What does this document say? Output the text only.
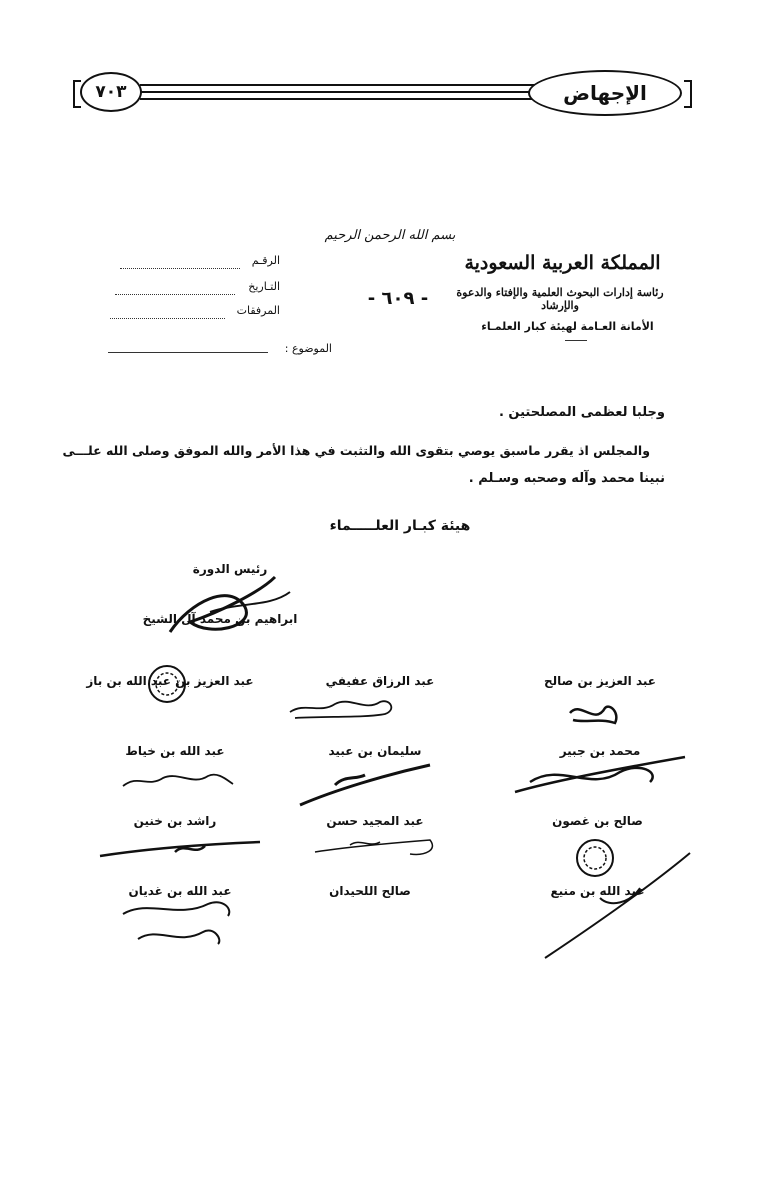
٧٠٣	الإجهاض
بسم الله الرحمن الرحيم
المملكة العربية السعودية
رئاسة إدارات البحوث العلمية والإفتاء والدعوة والإرشاد
الأمانة العـامة لهيئة كبار العلمـاء
- ٦٠٩ -
الرقـم
التـاريخ
المرفقات
الموضوع :
وجلبا لعظمى المصلحتين .
والمجلس اذ يقرر ماسبق يوصي بتقوى الله والتثبت في هذا الأمر والله الموفق وصلى الله علـــى
نبينا محمد وآله وصحبه وسـلم .
هيئة كبـار العلـــــماء
رئيس الدورة
ابراهيم بن محمد آل الشيخ
عبد العزيز بن صالح
عبد الرزاق عفيفي
عبد العزيز بن عبد الله بن باز
محمد بن جبير
سليمان بن عبيد
عبد الله بن خياط
صالح بن غصون
عبد المجيد حسن
راشد بن خنين
عبد الله بن منيع
صالح اللحيدان
عبد الله بن غديان
